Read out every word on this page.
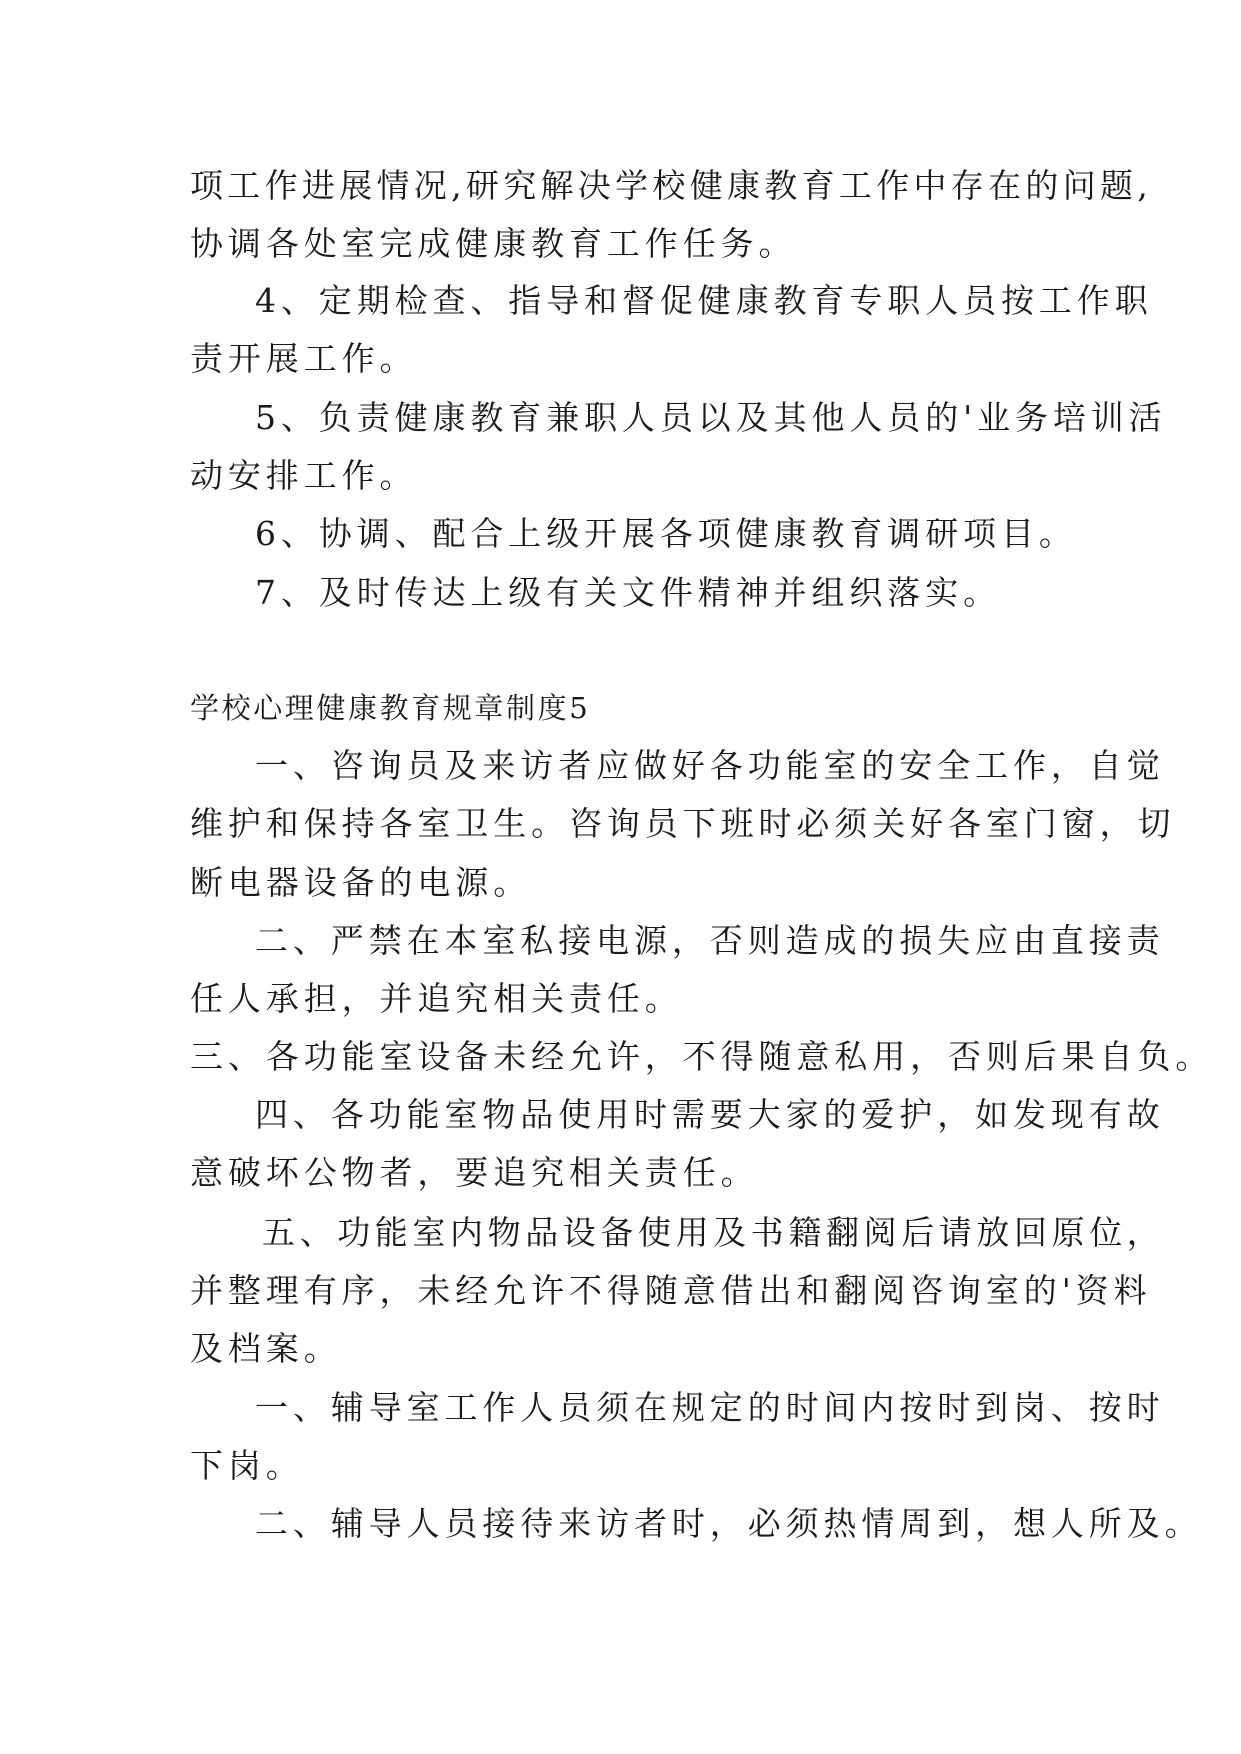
项工作进展情况,研究解决学校健康教育工作中存在的问题,

协调各处室完成健康教育工作任务。

4、定期检查、指导和督促健康教育专职人员按工作职

责开展工作。

5、负责健康教育兼职人员以及其他人员的'业务培训活

动安排工作。

6、协调、配合上级开展各项健康教育调研项目。

7、及时传达上级有关文件精神并组织落实。

学校心理健康教育规章制度5

一、咨询员及来访者应做好各功能室的安全工作，自觉

维护和保持各室卫生。咨询员下班时必须关好各室门窗，切

断电器设备的电源。

二、严禁在本室私接电源，否则造成的损失应由直接责

任人承担，并追究相关责任。

三、各功能室设备未经允许，不得随意私用，否则后果自负。

四、各功能室物品使用时需要大家的爱护，如发现有故

意破坏公物者，要追究相关责任。

五、功能室内物品设备使用及书籍翻阅后请放回原位，

并整理有序，未经允许不得随意借出和翻阅咨询室的'资料

及档案。

一、辅导室工作人员须在规定的时间内按时到岗、按时

下岗。

二、辅导人员接待来访者时，必须热情周到，想人所及。
